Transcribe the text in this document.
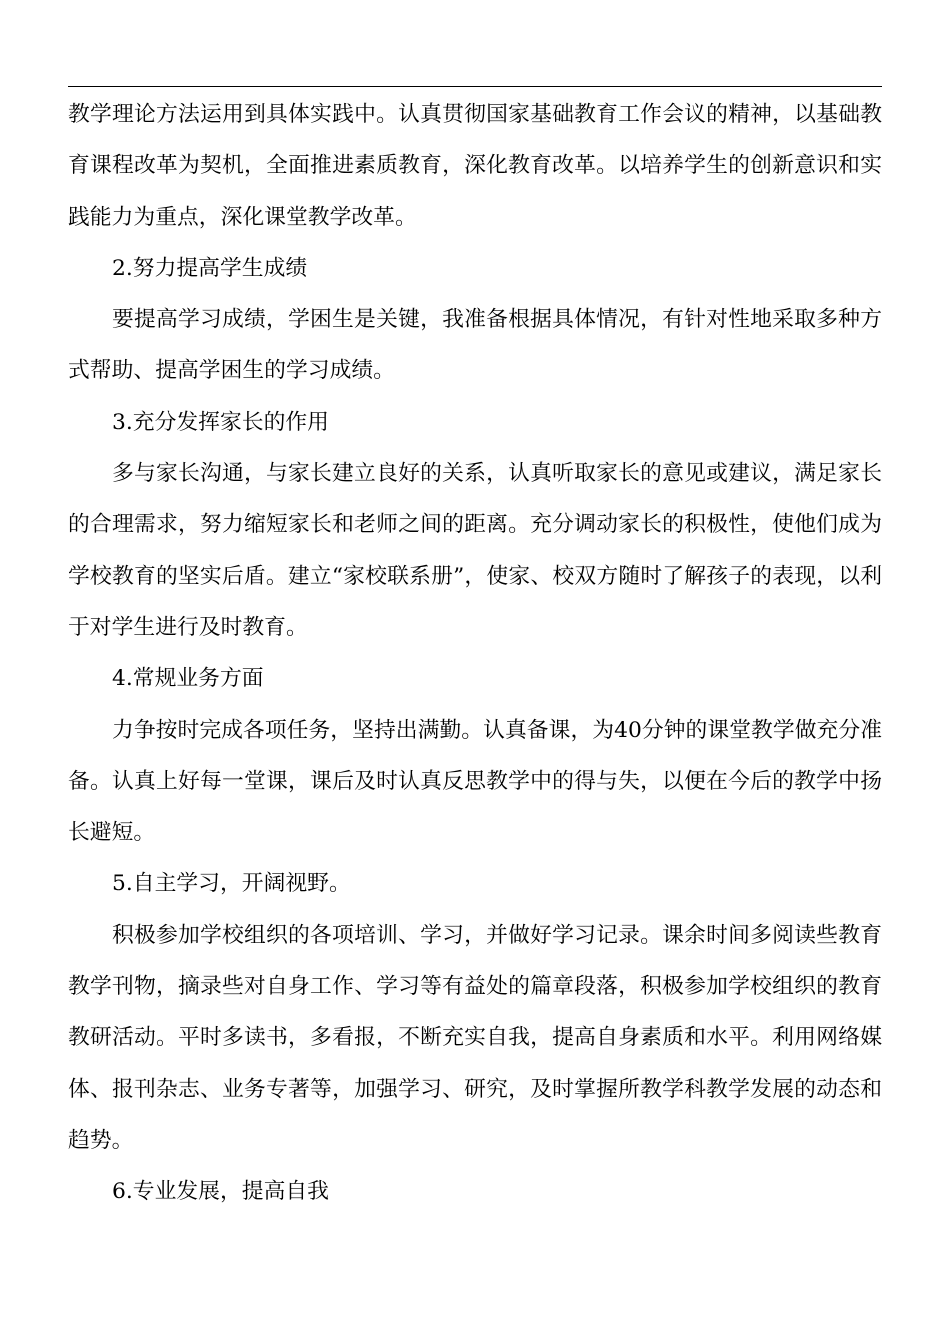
教学理论方法运用到具体实践中。认真贯彻国家基础教育工作会议的精神，以基础教育课程改革为契机，全面推进素质教育，深化教育改革。以培养学生的创新意识和实践能力为重点，深化课堂教学改革。

2.努力提高学生成绩

要提高学习成绩，学困生是关键，我准备根据具体情况，有针对性地采取多种方式帮助、提高学困生的学习成绩。

3.充分发挥家长的作用

多与家长沟通，与家长建立良好的关系，认真听取家长的意见或建议，满足家长的合理需求，努力缩短家长和老师之间的距离。充分调动家长的积极性，使他们成为学校教育的坚实后盾。建立“家校联系册”，使家、校双方随时了解孩子的表现，以利于对学生进行及时教育。

4.常规业务方面

力争按时完成各项任务，坚持出满勤。认真备课，为40分钟的课堂教学做充分准备。认真上好每一堂课，课后及时认真反思教学中的得与失，以便在今后的教学中扬长避短。

5.自主学习，开阔视野。

积极参加学校组织的各项培训、学习，并做好学习记录。课余时间多阅读些教育教学刊物，摘录些对自身工作、学习等有益处的篇章段落，积极参加学校组织的教育教研活动。平时多读书，多看报，不断充实自我，提高自身素质和水平。利用网络媒体、报刊杂志、业务专著等，加强学习、研究，及时掌握所教学科教学发展的动态和趋势。

6.专业发展，提高自我
